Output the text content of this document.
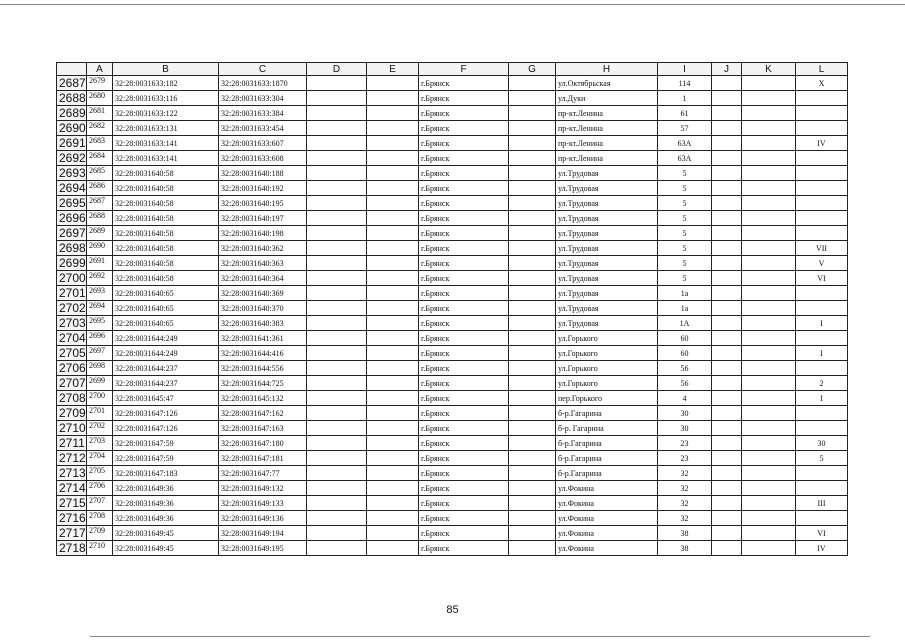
	A	B	C	D	E	F	G	H	I	J	K	L
2687	2679	32:28:0031633:182	32:28:0031633:1870			г.Брянск		ул.Октябрьская	114			X
2688	2680	32:28:0031633:116	32:28:0031633:304			г.Брянск		ул.Дуки	1			
2689	2681	32:28:0031633:122	32:28:0031633:384			г.Брянск		пр-кт.Ленина	61			
2690	2682	32:28:0031633:131	32:28:0031633:454			г.Брянск		пр-кт.Ленина	57			
2691	2683	32:28:0031633:141	32:28:0031633:607			г.Брянск		пр-кт.Ленина	63А			IV
2692	2684	32:28:0031633:141	32:28:0031633:608			г.Брянск		пр-кт.Ленина	63А			
2693	2685	32:28:0031640:58	32:28:0031640:188			г.Брянск		ул.Трудовая	5			
2694	2686	32:28:0031640:58	32:28:0031640:192			г.Брянск		ул.Трудовая	5			
2695	2687	32:28:0031640:58	32:28:0031640:195			г.Брянск		ул.Трудовая	5			
2696	2688	32:28:0031640:58	32:28:0031640:197			г.Брянск		ул.Трудовая	5			
2697	2689	32:28:0031640:58	32:28:0031640:198			г.Брянск		ул.Трудовая	5			
2698	2690	32:28:0031640:58	32:28:0031640:362			г.Брянск		ул.Трудовая	5			VII
2699	2691	32:28:0031640:58	32:28:0031640:363			г.Брянск		ул.Трудовая	5			V
2700	2692	32:28:0031640:58	32:28:0031640:364			г.Брянск		ул.Трудовая	5			VI
2701	2693	32:28:0031640:65	32:28:0031640:369			г.Брянск		ул.Трудовая	1а			
2702	2694	32:28:0031640:65	32:28:0031640:370			г.Брянск		ул.Трудовая	1а			
2703	2695	32:28:0031640:65	32:28:0031640:383			г.Брянск		ул.Трудовая	1А			I
2704	2696	32:28:0031644:249	32:28:0031641:361			г.Брянск		ул.Горького	60			
2705	2697	32:28:0031644:249	32:28:0031644:416			г.Брянск		ул.Горького	60			I
2706	2698	32:28:0031644:237	32:28:0031644:556			г.Брянск		ул.Горького	56			
2707	2699	32:28:0031644:237	32:28:0031644:725			г.Брянск		ул.Горького	56			2
2708	2700	32:28:0031645:47	32:28:0031645:132			г.Брянск		пер.Горького	4			I
2709	2701	32:28:0031647:126	32:28:0031647:162			г.Брянск		б-р.Гагарина	30			
2710	2702	32:28:0031647:126	32:28:0031647:163			г.Брянск		б-р. Гагарина	30			
2711	2703	32:28:0031647:59	32:28:0031647:180			г.Брянск		б-р.Гагарина	23			30
2712	2704	32:28:0031647:59	32:28:0031647:181			г.Брянск		б-р.Гагарина	23			5
2713	2705	32:28:0031647:183	32:28:0031647:77			г.Брянск		б-р.Гагарина	32			
2714	2706	32:28:0031649:36	32:28:0031649:132			г.Брянск		ул.Фокина	32			
2715	2707	32:28:0031649:36	32:28:0031649:133			г.Брянск		ул.Фокина	32			III
2716	2708	32:28:0031649:36	32:28:0031649:136			г.Брянск		ул.Фокина	32			
2717	2709	32:28:0031649:45	32:28:0031649:194			г.Брянск		ул.Фокина	38			VI
2718	2710	32:28:0031649:45	32:28:0031649:195			г.Брянск		ул.Фокина	38			IV
85
